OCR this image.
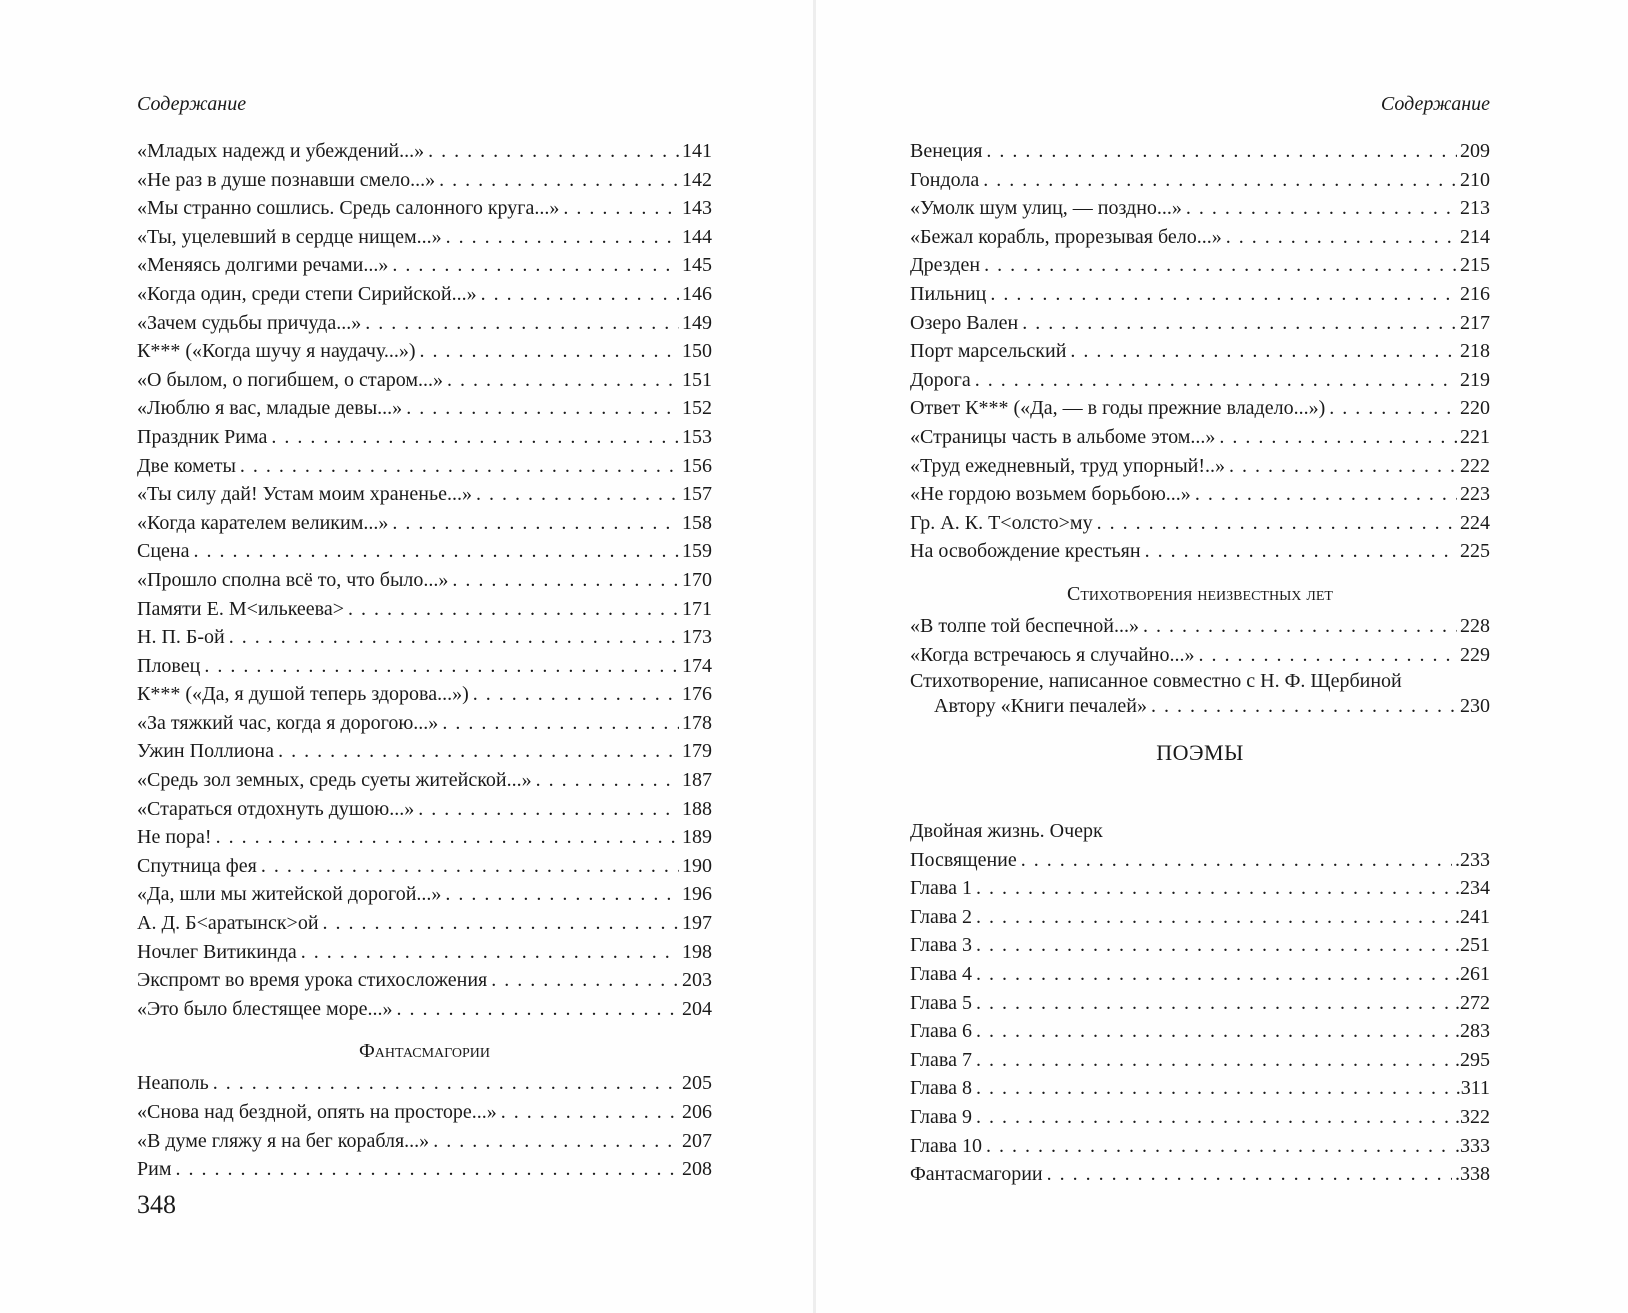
Содержание
«Младых надежд и убеждений...» . . .	141
«Не раз в душе познавши смело...» . . .	142
«Мы странно сошлись. Средь салонного круга...» . . .	143
«Ты, уцелевший в сердце нищем...» . . .	144
«Меняясь долгими речами...» . . .	145
«Когда один, среди степи Сирийской...» . . .	146
«Зачем судьбы причуда...» . . .	149
К*** («Когда шучу я наудачу...») . . .	150
«О былом, о погибшем, о старом...» . . .	151
«Люблю я вас, младые девы...» . . .	152
Праздник Рима . . .	153
Две кометы . . .	156
«Ты силу дай! Устам моим храненье...» . . .	157
«Когда карателем великим...» . . .	158
Сцена . . .	159
«Прошло сполна всё то, что было...» . . .	170
Памяти Е. М<илькеева> . . .	171
Н. П. Б-ой . . .	173
Пловец . . .	174
К*** («Да, я душой теперь здорова...») . . .	176
«За тяжкий час, когда я дорогою...» . . .	178
Ужин Поллиона . . .	179
«Средь зол земных, средь суеты житейской...» . . .	187
«Стараться отдохнуть душою...» . . .	188
Не пора! . . .	189
Спутница фея . . .	190
«Да, шли мы житейской дорогой...» . . .	196
А. Д. Б<аратынск>ой . . .	197
Ночлег Витикинда . . .	198
Экспромт во время урока стихосложения . . .	203
«Это было блестящее море...» . . .	204
Фантасмагории
Неаполь . . .	205
«Снова над бездной, опять на просторе...» . . .	206
«В думе гляжу я на бег корабля...» . . .	207
Рим . . .	208
348
Содержание
Венеция . . .	209
Гондола . . .	210
«Умолк шум улиц, — поздно...» . . .	213
«Бежал корабль, прорезывая бело...» . . .	214
Дрезден . . .	215
Пильниц . . .	216
Озеро Вален . . .	217
Порт марсельский . . .	218
Дорога . . .	219
Ответ К*** («Да, — в годы прежние владело...») . . .	220
«Страницы часть в альбоме этом...» . . .	221
«Труд ежедневный, труд упорный!..» . . .	222
«Не гордою возьмем борьбою...» . . .	223
Гр. А. К. Т<олсто>му . . .	224
На освобождение крестьян . . .	225
Стихотворения неизвестных лет
«В толпе той беспечной...» . . .	228
«Когда встречаюсь я случайно...» . . .	229
Стихотворение, написанное совместно с Н. Ф. Щербиной
Автору «Книги печалей» . . .	230
ПОЭМЫ
Двойная жизнь. Очерк
Посвящение . . .	.233
Глава 1 . . .	.234
Глава 2 . . .	.241
Глава 3 . . .	.251
Глава 4 . . .	.261
Глава 5 . . .	.272
Глава 6 . . .	.283
Глава 7 . . .	.295
Глава 8 . . .	.311
Глава 9 . . .	.322
Глава 10 . . .	.333
Фантасмагории . . .	.338
